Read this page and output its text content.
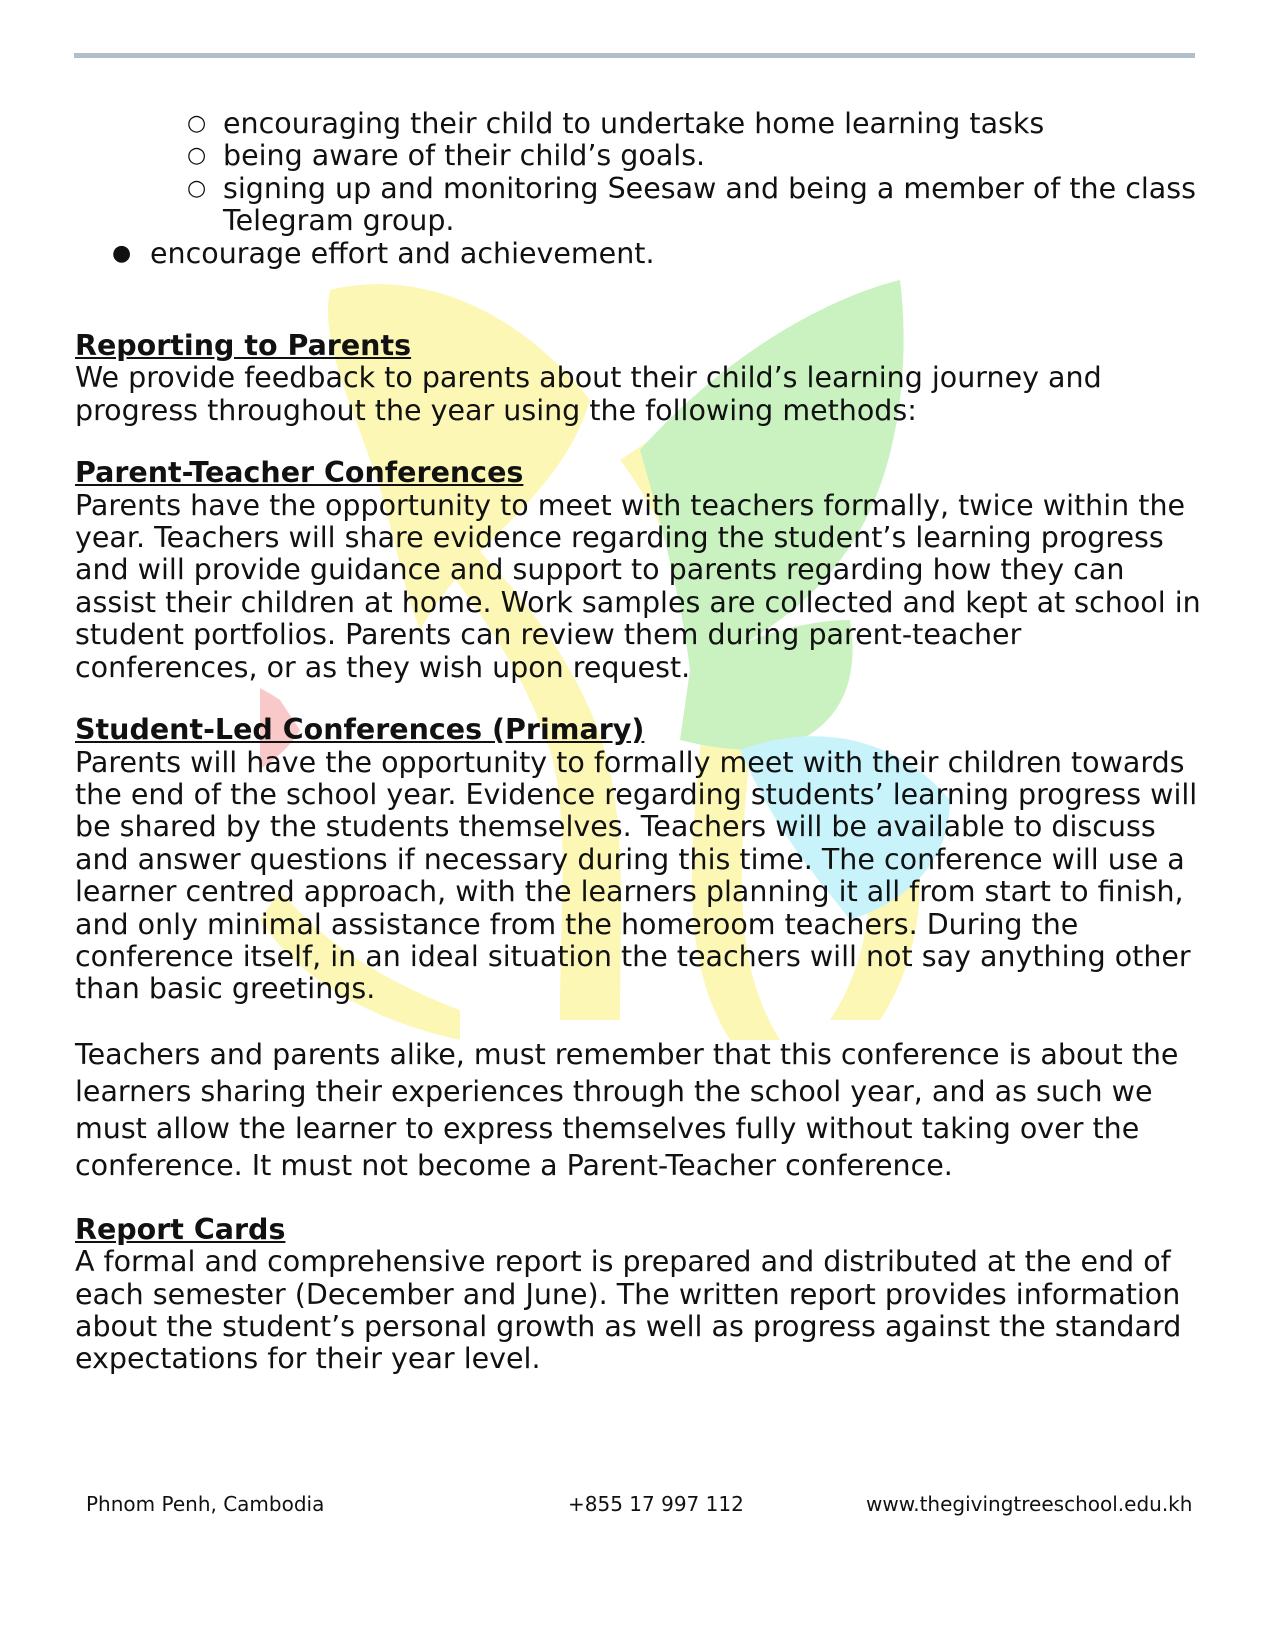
○ encouraging their child to undertake home learning tasks
○ being aware of their child’s goals.
○ signing up and monitoring Seesaw and being a member of the class Telegram group.
● encourage effort and achievement.
Reporting to Parents

We provide feedback to parents about their child’s learning journey and progress throughout the year using the following methods:

Parent-Teacher Conferences

Parents have the opportunity to meet with teachers formally, twice within the year. Teachers will share evidence regarding the student’s learning progress and will provide guidance and support to parents regarding how they can assist their children at home. Work samples are collected and kept at school in student portfolios. Parents can review them during parent-teacher conferences, or as they wish upon request.

Student-Led Conferences (Primary)

Parents will have the opportunity to formally meet with their children towards the end of the school year. Evidence regarding students’ learning progress will be shared by the students themselves. Teachers will be available to discuss and answer questions if necessary during this time. The conference will use a learner centred approach, with the learners planning it all from start to finish, and only minimal assistance from the homeroom teachers. During the conference itself, in an ideal situation the teachers will not say anything other than basic greetings.

Teachers and parents alike, must remember that this conference is about the learners sharing their experiences through the school year, and as such we must allow the learner to express themselves fully without taking over the conference. It must not become a Parent-Teacher conference.

Report Cards

A formal and comprehensive report is prepared and distributed at the end of each semester (December and June). The written report provides information about the student’s personal growth as well as progress against the standard expectations for their year level.

Phnom Penh, Cambodia	+855 17 997 112	www.thegivingtreeschool.edu.kh
